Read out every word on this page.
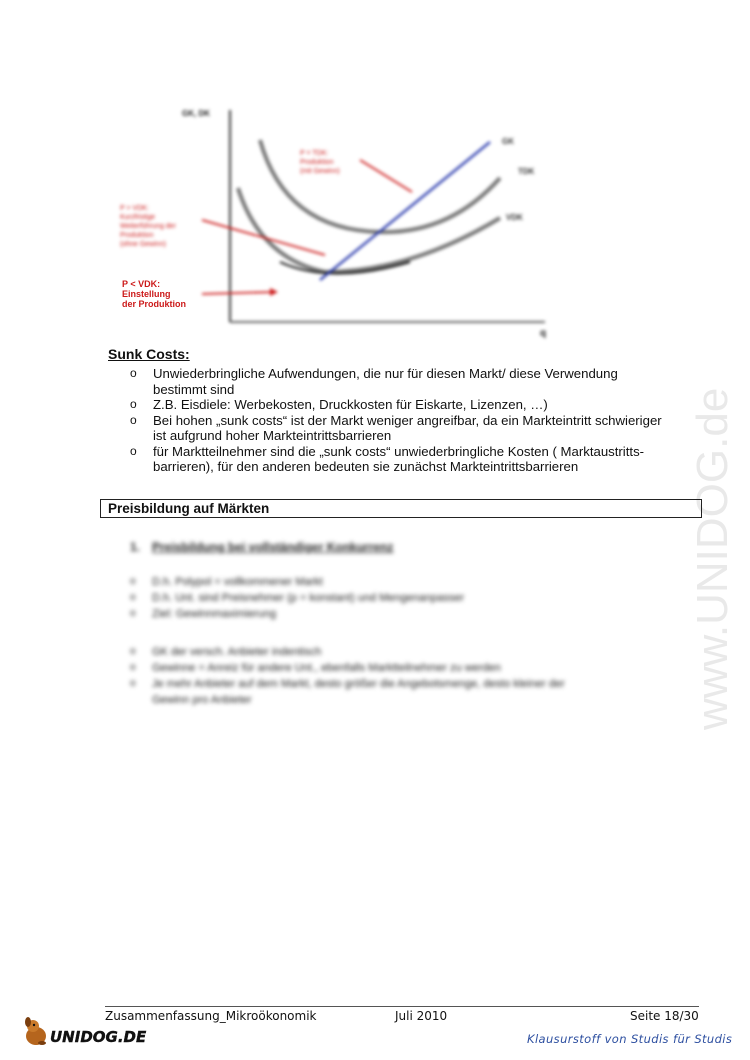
www.UNIDOG.de
GK, DK
q
GK
TDK
VDK
P = TDK:
Produktion
(mit Gewinn)
P > VDK:
Kurzfristige
Weiterführung der
Produktion
(ohne Gewinn)
P < VDK:
Einstellung
der Produktion
Sunk Costs:
o Unwiederbringliche Aufwendungen, die nur für diesen Markt/ diese Verwendung
bestimmt sind
o Z.B. Eisdiele: Werbekosten, Druckkosten für Eiskarte, Lizenzen, …)
o Bei hohen „sunk costs“ ist der Markt weniger angreifbar, da ein Markteintritt schwieriger
ist aufgrund hoher Markteintrittsbarrieren
o für Marktteilnehmer sind die „sunk costs“ unwiederbringliche Kosten ( Marktaustritts-
barrieren), für den anderen bedeuten sie zunächst Markteintrittsbarrieren
Preisbildung auf Märkten
1. Preisbildung bei vollständiger Konkurrenz
o D.h. Polypol = vollkommener Markt
o D.h. Unt. sind Preisnehmer (p = konstant) und Mengenanpasser
o Ziel: Gewinnmaximierung
o GK der versch. Anbieter indentisch
o Gewinne = Anreiz für andere Unt., ebenfalls Marktteilnehmer zu werden
o Je mehr Anbieter auf dem Markt, desto größer die Angebotsmenge, desto kleiner der
Gewinn pro Anbieter
Zusammenfassung_Mikroökonomik	Juli 2010	Seite 18/30
Klausurstoff von Studis für Studis
UNIDOG.DE
